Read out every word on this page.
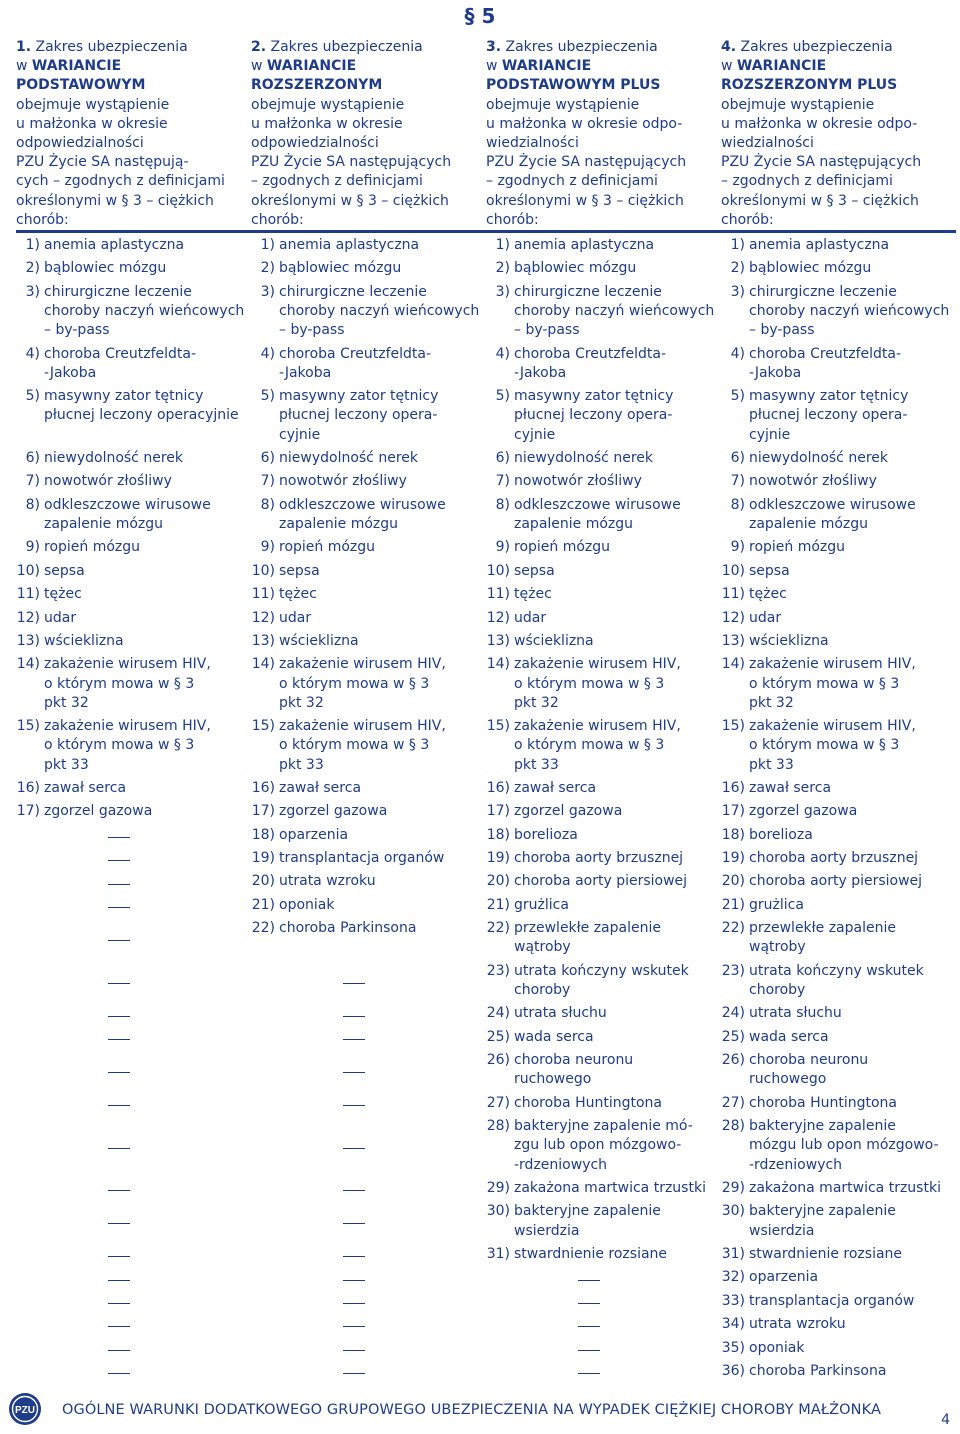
§ 5
1. Zakres ubezpieczenia
w WARIANCIE
PODSTAWOWYM
obejmuje wystąpienie
u małżonka w okresie
odpowiedzialności
PZU Życie SA następują-
cych – zgodnych z definicjami
określonymi w § 3 – ciężkich
chorób:
1) anemia aplastyczna
2) bąblowiec mózgu
3) chirurgiczne leczenie
choroby naczyń wieńcowych
– by-pass
4) choroba Creutzfeldta-
-Jakoba
5) masywny zator tętnicy
płucnej leczony operacyjnie
6) niewydolność nerek
7) nowotwór złośliwy
8) odkleszczowe wirusowe
zapalenie mózgu
9) ropień mózgu
10) sepsa
11) tężec
12) udar
13) wścieklizna
14) zakażenie wirusem HIV,
o którym mowa w § 3
pkt 32
15) zakażenie wirusem HIV,
o którym mowa w § 3
pkt 33
16) zawał serca
17) zgorzel gazowa
2. Zakres ubezpieczenia
w WARIANCIE
ROZSZERZONYM
obejmuje wystąpienie
u małżonka w okresie
odpowiedzialności
PZU Życie SA następujących
– zgodnych z definicjami
określonymi w § 3 – ciężkich
chorób:
1) anemia aplastyczna
2) bąblowiec mózgu
3) chirurgiczne leczenie
choroby naczyń wieńcowych
– by-pass
4) choroba Creutzfeldta-
-Jakoba
5) masywny zator tętnicy
płucnej leczony opera-
cyjnie
6) niewydolność nerek
7) nowotwór złośliwy
8) odkleszczowe wirusowe
zapalenie mózgu
9) ropień mózgu
10) sepsa
11) tężec
12) udar
13) wścieklizna
14) zakażenie wirusem HIV,
o którym mowa w § 3
pkt 32
15) zakażenie wirusem HIV,
o którym mowa w § 3
pkt 33
16) zawał serca
17) zgorzel gazowa
18) oparzenia
19) transplantacja organów
20) utrata wzroku
21) oponiak
22) choroba Parkinsona
3. Zakres ubezpieczenia
w WARIANCIE
PODSTAWOWYM PLUS
obejmuje wystąpienie
u małżonka w okresie odpo-
wiedzialności
PZU Życie SA następujących
– zgodnych z definicjami
określonymi w § 3 – ciężkich
chorób:
1) anemia aplastyczna
2) bąblowiec mózgu
3) chirurgiczne leczenie
choroby naczyń wieńcowych
– by-pass
4) choroba Creutzfeldta-
-Jakoba
5) masywny zator tętnicy
płucnej leczony opera-
cyjnie
6) niewydolność nerek
7) nowotwór złośliwy
8) odkleszczowe wirusowe
zapalenie mózgu
9) ropień mózgu
10) sepsa
11) tężec
12) udar
13) wścieklizna
14) zakażenie wirusem HIV,
o którym mowa w § 3
pkt 32
15) zakażenie wirusem HIV,
o którym mowa w § 3
pkt 33
16) zawał serca
17) zgorzel gazowa
18) borelioza
19) choroba aorty brzusznej
20) choroba aorty piersiowej
21) grużlica
22) przewlekłe zapalenie
wątroby
23) utrata kończyny wskutek
choroby
24) utrata słuchu
25) wada serca
26) choroba neuronu
ruchowego
27) choroba Huntingtona
28) bakteryjne zapalenie mó-
zgu lub opon mózgowo-
-rdzeniowych
29) zakażona martwica trzustki
30) bakteryjne zapalenie
wsierdzia
31) stwardnienie rozsiane
4. Zakres ubezpieczenia
w WARIANCIE
ROZSZERZONYM PLUS
obejmuje wystąpienie
u małżonka w okresie odpo-
wiedzialności
PZU Życie SA następujących
– zgodnych z definicjami
określonymi w § 3 – ciężkich
chorób:
1) anemia aplastyczna
2) bąblowiec mózgu
3) chirurgiczne leczenie
choroby naczyń wieńcowych
– by-pass
4) choroba Creutzfeldta-
-Jakoba
5) masywny zator tętnicy
płucnej leczony opera-
cyjnie
6) niewydolność nerek
7) nowotwór złośliwy
8) odkleszczowe wirusowe
zapalenie mózgu
9) ropień mózgu
10) sepsa
11) tężec
12) udar
13) wścieklizna
14) zakażenie wirusem HIV,
o którym mowa w § 3
pkt 32
15) zakażenie wirusem HIV,
o którym mowa w § 3
pkt 33
16) zawał serca
17) zgorzel gazowa
18) borelioza
19) choroba aorty brzusznej
20) choroba aorty piersiowej
21) grużlica
22) przewlekłe zapalenie
wątroby
23) utrata kończyny wskutek
choroby
24) utrata słuchu
25) wada serca
26) choroba neuronu
ruchowego
27) choroba Huntingtona
28) bakteryjne zapalenie
mózgu lub opon mózgowo-
-rdzeniowych
29) zakażona martwica trzustki
30) bakteryjne zapalenie
wsierdzia
31) stwardnienie rozsiane
32) oparzenia
33) transplantacja organów
34) utrata wzroku
35) oponiak
36) choroba Parkinsona
PZU OGÓLNE WARUNKI DODATKOWEGO GRUPOWEGO UBEZPIECZENIA NA WYPADEK CIĘŻKIEJ CHOROBY MAŁŻONKA
4
